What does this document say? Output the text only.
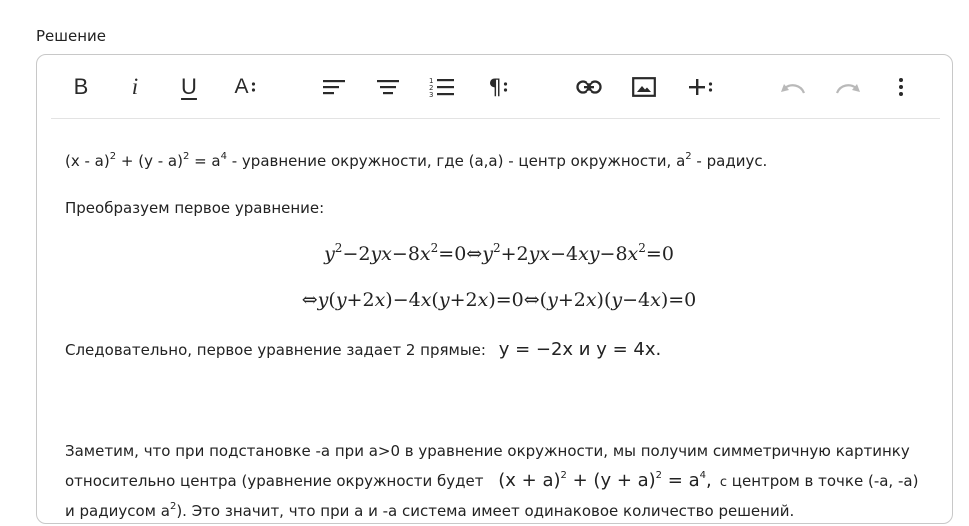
Решение
B i U A	1
2
3	¶

$(x - a)^2 + (y - a)^2 = a^4$ - уравнение окружности, где (a,a) - центр окружности, $a^2$ - радиус.

Преобразуем первое уравнение:

$y^2-2yx-8x^2=0\Leftrightarrow y^2+2yx-4xy-8x^2=0$
⇔y(y+2x)−4x(y+2x)=0⇔(y+2x)(y−4x)=0

Следовательно, первое уравнение задает 2 прямые: y = −2x и y = 4x.

Заметим, что при подстановке -a при a>0 в уравнение окружности, мы получим симметричную картинку относительно центра (уравнение окружности будет $(x + a)^2 + (y + a)^2 = a^4$, с центром в точке (-a, -a) и радиусом $a^2$). Это значит, что при a и -a система имеет одинаковое количество решений.
